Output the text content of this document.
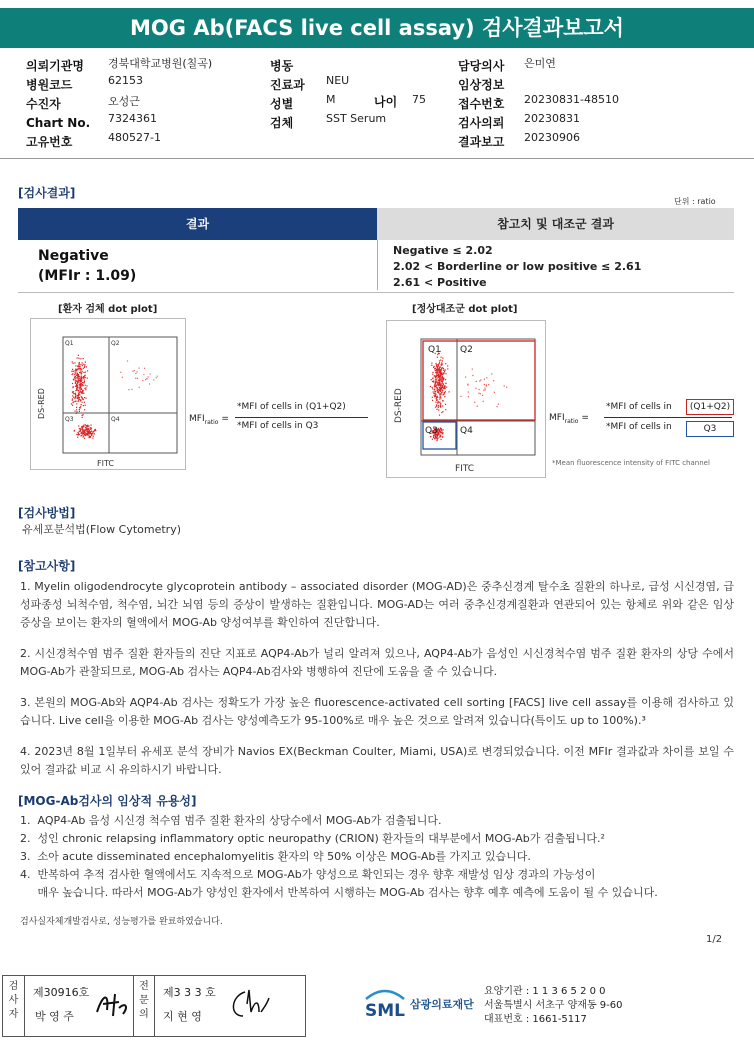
MOG Ab(FACS live cell assay) 검사결과보고서
의뢰기관명 경북대학교병원(칠곡)
병원코드	62153
수진자	오성근
Chart No. 7324361
고유번호	480527-1
병동
진료과 NEU
성별	M	나이 75
검체	SST Serum
담당의사 은미연
임상정보
접수번호 20230831-48510
검사의뢰 20230831
결과보고 20230906
[검사결과]
단위 : ratio
결과	참고치 및 대조군 결과
Negative
(MFIr : 1.09)
Negative ≤ 2.02
2.02 < Borderline or low positive ≤ 2.61
2.61 < Positive
[환자 검체 dot plot]	[정상대조군 dot plot]
Q1	Q2
Q3	Q4
DS-RED
FITC
$MFI_{ratio}$ =
*MFI of cells in (Q1+Q2)
*MFI of cells in Q3
Q1 Q2
Q3 Q4
DS-RED
FITC
$MFI_{ratio}$ =
*MFI of cells in	(Q1+Q2)
*MFI of cells in	Q3
*Mean fluorescence intensity of FITC channel
[검사방법]
유세포분석법(Flow Cytometry)
[참고사항]
1. Myelin oligodendrocyte glycoprotein antibody – associated disorder (MOG-AD)은 중추신경계 탈수초 질환의 하나로, 급성 시신경염, 급성파종성 뇌척수염, 척수염, 뇌간 뇌염 등의 증상이 발생하는 질환입니다. MOG-AD는 여러 중추신경계질환과 연관되어 있는 항체로 위와 같은 임상 증상을 보이는 환자의 혈액에서 MOG-Ab 양성여부를 확인하여 진단합니다.
2. 시신경척수염 범주 질환 환자들의 진단 지표로 AQP4-Ab가 널리 알려져 있으나, AQP4-Ab가 음성인 시신경척수염 범주 질환 환자의 상당 수에서 MOG-Ab가 관찰되므로, MOG-Ab 검사는 AQP4-Ab검사와 병행하여 진단에 도움을 줄 수 있습니다.
3. 본원의 MOG-Ab와 AQP4-Ab 검사는 정확도가 가장 높은 fluorescence-activated cell sorting [FACS] live cell assay를 이용해 검사하고 있습니다. Live cell을 이용한 MOG-Ab 검사는 양성예측도가 95-100%로 매우 높은 것으로 알려져 있습니다(특이도 up to 100%).³
4. 2023년 8월 1일부터 유세포 분석 장비가 Navios EX(Beckman Coulter, Miami, USA)로 변경되었습니다. 이전 MFIr 결과값과 차이를 보일 수 있어 결과값 비교 시 유의하시기 바랍니다.
[MOG-Ab검사의 임상적 유용성]
1.  AQP4-Ab 음성 시신경 척수염 범주 질환 환자의 상당수에서 MOG-Ab가 검출됩니다.
2.  성인 chronic relapsing inflammatory optic neuropathy (CRION) 환자들의 대부분에서 MOG-Ab가 검출됩니다.²
3.  소아 acute disseminated encephalomyelitis 환자의 약 50% 이상은 MOG-Ab를 가지고 있습니다.
4.  반복하여 추적 검사한 혈액에서도 지속적으로 MOG-Ab가 양성으로 확인되는 경우 향후 재발성 임상 경과의 가능성이
매우 높습니다. 따라서 MOG-Ab가 양성인 환자에서 반복하여 시행하는 MOG-Ab 검사는 향후 예후 예측에 도움이 될 수 있습니다.
검사실자체개발검사로, 성능평가를 완료하였습니다.
1/2
검
사
자
제30916호
박 영 주
전
문
의
제3 3 3 호
지 현 영	SML 삼광의료재단
요양기관 : 1 1 3 6 5 2 0 0
서울특별시 서초구 양재동 9-60
대표번호 : 1661-5117
